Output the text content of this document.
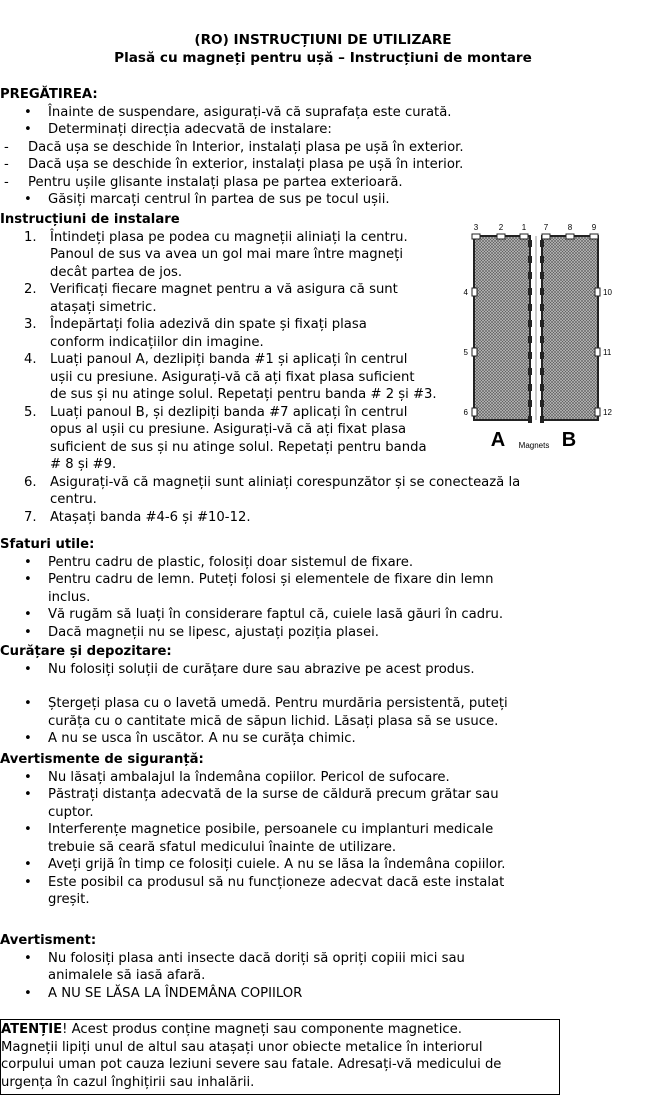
(RO) INSTRUCȚIUNI DE UTILIZARE
Plasă cu magneți pentru ușă – Instrucțiuni de montare

PREGĂTIREA:

• Înainte de suspendare, asigurați-vă că suprafața este curată.
• Determinați direcția adecvată de instalare:
- Dacă ușa se deschide în Interior, instalați plasa pe ușă în exterior.
- Dacă ușa se deschide în exterior, instalați plasa pe ușă în interior.
- Pentru ușile glisante instalați plasa pe partea exterioară.
• Găsiți marcați centrul în partea de sus pe tocul ușii.

Instrucțiuni de instalare

1. Întindeți plasa pe podea cu magneții aliniați la centru.
Panoul de sus va avea un gol mai mare între magneți
decât partea de jos.
2. Verificați fiecare magnet pentru a vă asigura că sunt
atașați simetric.
3. Îndepărtați folia adezivă din spate și fixați plasa
conform indicațiilor din imagine.
4. Luați panoul A, dezlipiți banda #1 și aplicați în centrul
ușii cu presiune. Asigurați-vă că ați fixat plasa suficient
de sus și nu atinge solul. Repetați pentru banda # 2 și #3.
5. Luați panoul B, și dezlipiți banda #7 aplicați în centrul
opus al ușii cu presiune. Asigurați-vă că ați fixat plasa
suficient de sus și nu atinge solul. Repetați pentru banda
# 8 și #9.
6. Asigurați-vă că magneții sunt aliniați corespunzător și se conectează la
centru.
7. Atașați banda #4-6 și #10-12.
3	2 1 7 8 9
4
5
6
10
11
12
A	B
Magnets

Sfaturi utile:

• Pentru cadru de plastic, folosiți doar sistemul de fixare.
• Pentru cadru de lemn. Puteți folosi și elementele de fixare din lemn
inclus.
• Vă rugăm să luați în considerare faptul că, cuiele lasă găuri în cadru.
• Dacă magneții nu se lipesc, ajustați poziția plasei.

Curățare și depozitare:

• Nu folosiți soluții de curățare dure sau abrazive pe acest produs.
• Ștergeți plasa cu o lavetă umedă. Pentru murdăria persistentă, puteți
curăța cu o cantitate mică de săpun lichid. Lăsați plasa să se usuce.
• A nu se usca în uscător. A nu se curăța chimic.

Avertismente de siguranță:

• Nu lăsați ambalajul la îndemâna copiilor. Pericol de sufocare.
• Păstrați distanța adecvată de la surse de căldură precum grătar sau
cuptor.
• Interferențe magnetice posibile, persoanele cu implanturi medicale
trebuie să ceară sfatul medicului înainte de utilizare.
• Aveți grijă în timp ce folosiți cuiele. A nu se lăsa la îndemâna copiilor.
• Este posibil ca produsul să nu funcționeze adecvat dacă este instalat
greșit.

Avertisment:

• Nu folosiți plasa anti insecte dacă doriți să opriți copiii mici sau
animalele să iasă afară.
• A NU SE LĂSA LA ÎNDEMÂNA COPIILOR
ATENȚIE! Acest produs conține magneți sau componente magnetice.
Magneții lipiți unul de altul sau atașați unor obiecte metalice în interiorul
corpului uman pot cauza leziuni severe sau fatale. Adresați-vă medicului de
urgența în cazul înghițirii sau inhalării.
